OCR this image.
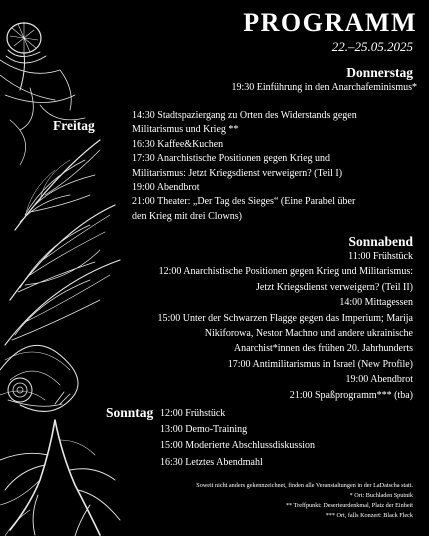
PROGRAMM
22.–25.05.2025
Donnerstag
19:30 Einführung in den Anarchafeminismus*
Freitag
14:30 Stadtspaziergang zu Orten des Widerstands gegen
Militarismus und Krieg **
16:30 Kaffee&Kuchen
17:30 Anarchistische Positionen gegen Krieg und
Militarismus: Jetzt Kriegsdienst verweigern? (Teil I)
19:00 Abendbrot
21:00 Theater: „Der Tag des Sieges“ (Eine Parabel über
den Krieg mit drei Clowns)
Sonnabend
11:00 Frühstück
12:00 Anarchistische Positionen gegen Krieg und Militarismus:
Jetzt Kriegsdienst verweigern? (Teil II)
14:00 Mittagessen
15:00 Unter der Schwarzen Flagge gegen das Imperium; Marija
Nikiforowa, Nestor Machno und andere ukrainische
Anarchist*innen des frühen 20. Jahrhunderts
17:00 Antimilitarismus in Israel (New Profile)
19:00 Abendbrot
21:00 Spaßprogramm*** (tba)
Sonntag 12:00 Frühstück
13:00 Demo-Training
15:00 Moderierte Abschlussdiskussion
16:30 Letztes Abendmahl
Soweit nicht anders gekennzeichnet, finden alle Veranstaltungen in der LaDatscha statt.
* Ort: Buchladen Sputnik
** Treffpunkt: Deserteurdenkmal, Platz der Einheit
*** Ort, falls Konzert: Black Fleck
